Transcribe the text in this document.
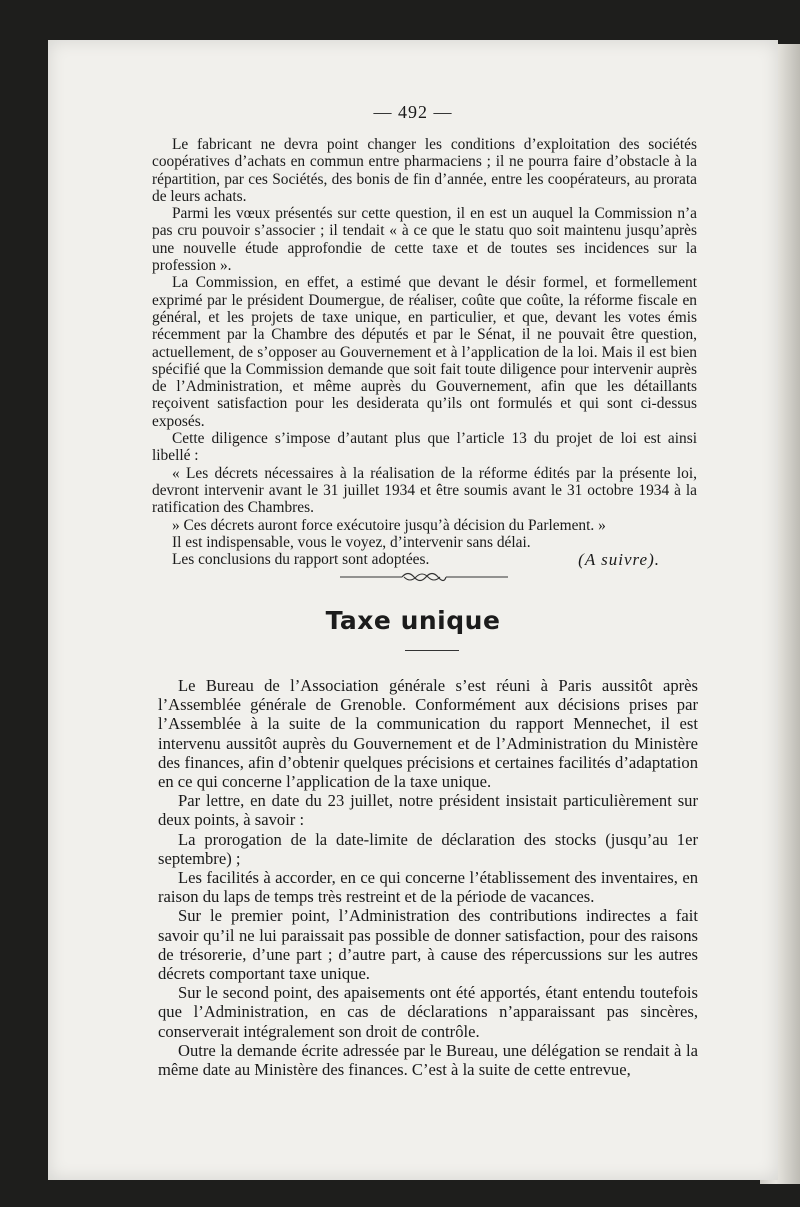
— 492 —

Le fabricant ne devra point changer les conditions d’exploitation des sociétés coopératives d’achats en commun entre pharmaciens ; il ne pourra faire d’obstacle à la répartition, par ces Sociétés, des bonis de fin d’année, entre les coopérateurs, au prorata de leurs achats.

Parmi les vœux présentés sur cette question, il en est un auquel la Commission n’a pas cru pouvoir s’associer ; il tendait « à ce que le statu quo soit maintenu jusqu’après une nouvelle étude approfondie de cette taxe et de toutes ses incidences sur la profession ».

La Commission, en effet, a estimé que devant le désir formel, et formellement exprimé par le président Doumergue, de réaliser, coûte que coûte, la réforme fiscale en général, et les projets de taxe unique, en particulier, et que, devant les votes émis récemment par la Chambre des députés et par le Sénat, il ne pouvait être question, actuellement, de s’opposer au Gouvernement et à l’application de la loi. Mais il est bien spécifié que la Commission demande que soit fait toute diligence pour intervenir auprès de l’Administration, et même auprès du Gouvernement, afin que les détaillants reçoivent satisfaction pour les desiderata qu’ils ont formulés et qui sont ci-dessus exposés.

Cette diligence s’impose d’autant plus que l’article 13 du projet de loi est ainsi libellé :

« Les décrets nécessaires à la réalisation de la réforme édités par la présente loi, devront intervenir avant le 31 juillet 1934 et être soumis avant le 31 octobre 1934 à la ratification des Chambres.

» Ces décrets auront force exécutoire jusqu’à décision du Parlement. »

Il est indispensable, vous le voyez, d’intervenir sans délai.

Les conclusions du rapport sont adoptées.	(A suivre).
Taxe unique

Le Bureau de l’Association générale s’est réuni à Paris aussitôt après l’Assemblée générale de Grenoble. Conformément aux décisions prises par l’Assemblée à la suite de la communication du rapport Mennechet, il est intervenu aussitôt auprès du Gouvernement et de l’Administration du Ministère des finances, afin d’obtenir quelques précisions et certaines facilités d’adaptation en ce qui concerne l’application de la taxe unique.

Par lettre, en date du 23 juillet, notre président insistait particulièrement sur deux points, à savoir :

La prorogation de la date-limite de déclaration des stocks (jusqu’au 1er septembre) ;

Les facilités à accorder, en ce qui concerne l’établissement des inventaires, en raison du laps de temps très restreint et de la période de vacances.

Sur le premier point, l’Administration des contributions indirectes a fait savoir qu’il ne lui paraissait pas possible de donner satisfaction, pour des raisons de trésorerie, d’une part ; d’autre part, à cause des répercussions sur les autres décrets comportant taxe unique.

Sur le second point, des apaisements ont été apportés, étant entendu toutefois que l’Administration, en cas de déclarations n’apparaissant pas sincères, conserverait intégralement son droit de contrôle.

Outre la demande écrite adressée par le Bureau, une délégation se rendait à la même date au Ministère des finances. C’est à la suite de cette entrevue,
